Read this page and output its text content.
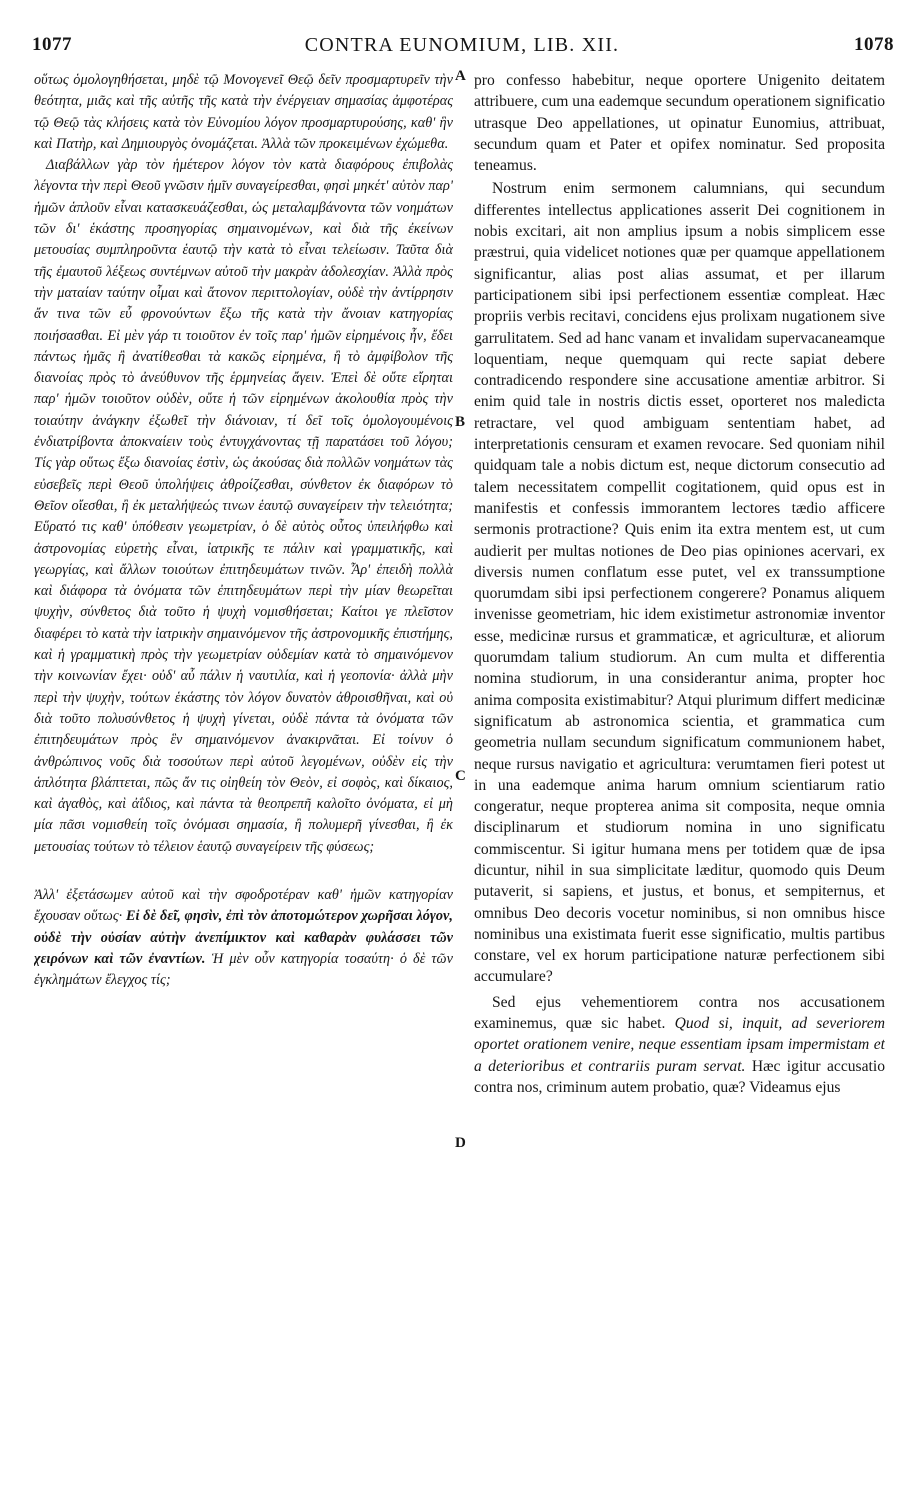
1077	CONTRA EUNOMIUM, LIB. XII.	1078

οὕτως ὁμολογηθήσεται, μηδὲ τῷ Μονογενεῖ Θεῷ δεῖν προσμαρτυρεῖν τὴν θεότητα, μιᾶς καὶ τῆς αὐτῆς τῆς κατὰ τὴν ἐνέργειαν σημασίας ἀμφοτέρας τῷ Θεῷ τὰς κλήσεις κατὰ τὸν Εὐνομίου λόγον προσμαρτυρούσης, καθ' ἣν καὶ Πατὴρ, καὶ Δημιουργὸς ὀνομάζεται. Ἀλλὰ τῶν προκειμένων ἐχώμεθα.

Διαβάλλων γὰρ τὸν ἡμέτερον λόγον τὸν κατὰ διαφόρους ἐπιβολὰς λέγοντα τὴν περὶ Θεοῦ γνῶσιν ἡμῖν συναγείρεσθαι, φησὶ μηκέτ' αὐτὸν παρ' ἡμῶν ἁπλοῦν εἶναι κατασκευάζεσθαι, ὡς μεταλαμβάνοντα τῶν νοημάτων τῶν δι' ἑκάστης προσηγορίας σημαινομένων, καὶ διὰ τῆς ἐκείνων μετουσίας συμπληροῦντα ἑαυτῷ τὴν κατὰ τὸ εἶναι τελείωσιν. Ταῦτα διὰ τῆς ἐμαυτοῦ λέξεως συντέμνων αὐτοῦ τὴν μακρὰν ἀδολεσχίαν. Ἀλλὰ πρὸς τὴν ματαίαν ταύτην οἶμαι καὶ ἄτονον περιττολογίαν, οὐδὲ τὴν ἀντίρρησιν ἄν τινα τῶν εὖ φρονούντων ἔξω τῆς κατὰ τὴν ἄνοιαν κατηγορίας ποιήσασθαι. Εἰ μὲν γάρ τι τοιοῦτον ἐν τοῖς παρ' ἡμῶν εἰρημένοις ἦν, ἔδει πάντως ἡμᾶς ἢ ἀνατίθεσθαι τὰ κακῶς εἰρημένα, ἢ τὸ ἀμφίβολον τῆς διανοίας πρὸς τὸ ἀνεύθυνον τῆς ἑρμηνείας ἄγειν. Ἐπεὶ δὲ οὔτε εἴρηται παρ' ἡμῶν τοιοῦτον οὐδὲν, οὔτε ἡ τῶν εἰρημένων ἀκολουθία πρὸς τὴν τοιαύτην ἀνάγκην ἐξωθεῖ τὴν διάνοιαν, τί δεῖ τοῖς ὁμολογουμένοις ἐνδιατρίβοντα ἀποκναίειν τοὺς ἐντυγχάνοντας τῇ παρατάσει τοῦ λόγου; Τίς γὰρ οὕτως ἔξω διανοίας ἐστὶν, ὡς ἀκούσας διὰ πολλῶν νοημάτων τὰς εὐσεβεῖς περὶ Θεοῦ ὑπολήψεις ἀθροίζεσθαι, σύνθετον ἐκ διαφόρων τὸ Θεῖον οἴεσθαι, ἢ ἐκ μεταλήψεώς τινων ἑαυτῷ συναγείρειν τὴν τελειότητα; Εὕρατό τις καθ' ὑπόθεσιν γεωμετρίαν, ὁ δὲ αὐτὸς οὗτος ὑπειλήφθω καὶ ἀστρονομίας εὑρετὴς εἶναι, ἰατρικῆς τε πάλιν καὶ γραμματικῆς, καὶ γεωργίας, καὶ ἄλλων τοιούτων ἐπιτηδευμάτων τινῶν. Ἆρ' ἐπειδὴ πολλὰ καὶ διάφορα τὰ ὀνόματα τῶν ἐπιτηδευμάτων περὶ τὴν μίαν θεωρεῖται ψυχὴν, σύνθετος διὰ τοῦτο ἡ ψυχὴ νομισθήσεται; Καίτοι γε πλεῖστον διαφέρει τὸ κατὰ τὴν ἰατρικὴν σημαινόμενον τῆς ἀστρονομικῆς ἐπιστήμης, καὶ ἡ γραμματικὴ πρὸς τὴν γεωμετρίαν οὐδεμίαν κατὰ τὸ σημαινόμενον τὴν κοινωνίαν ἔχει· οὐδ' αὖ πάλιν ἡ ναυτιλία, καὶ ἡ γεοπονία· ἀλλὰ μὴν περὶ τὴν ψυχὴν, τούτων ἑκάστης τὸν λόγον δυνατὸν ἀθροισθῆναι, καὶ οὐ διὰ τοῦτο πολυσύνθετος ἡ ψυχὴ γίνεται, οὐδὲ πάντα τὰ ὀνόματα τῶν ἐπιτηδευμάτων πρὸς ἓν σημαινόμενον ἀνακιρνᾶται. Εἰ τοίνυν ὁ ἀνθρώπινος νοῦς διὰ τοσούτων περὶ αὐτοῦ λεγομένων, οὐδὲν εἰς τὴν ἁπλότητα βλάπτεται, πῶς ἄν τις οἰηθείη τὸν Θεὸν, εἰ σοφὸς, καὶ δίκαιος, καὶ ἀγαθὸς, καὶ ἀΐδιος, καὶ πάντα τὰ θεοπρεπῆ καλοῖτο ὀνόματα, εἰ μὴ μία πᾶσι νομισθείη τοῖς ὀνόμασι σημασία, ἢ πολυμερῆ γίνεσθαι, ἢ ἐκ μετουσίας τούτων τὸ τέλειον ἑαυτῷ συναγείρειν τῆς φύσεως;

Ἀλλ' ἐξετάσωμεν αὐτοῦ καὶ τὴν σφοδροτέραν καθ' ἡμῶν κατηγορίαν ἔχουσαν οὕτως· Εἰ δὲ δεῖ, φησὶν, ἐπὶ τὸν ἀποτομώτερον χωρῆσαι λόγον, οὐδὲ τὴν οὐσίαν αὐτὴν ἀνεπίμικτον καὶ καθαρὰν φυλάσσει τῶν χειρόνων καὶ τῶν ἐναντίων. Ἡ μὲν οὖν κατηγορία τοσαύτη· ὁ δὲ τῶν ἐγκλημάτων ἔλεγχος τίς;

A
B
C
D

pro confesso habebitur, neque oportere Unigenito deitatem attribuere, cum una eademque secundum operationem significatio utrasque Deo appellationes, ut opinatur Eunomius, attribuat, secundum quam et Pater et opifex nominatur. Sed proposita teneamus.

Nostrum enim sermonem calumnians, qui secundum differentes intellectus applicationes asserit Dei cognitionem in nobis excitari, ait non amplius ipsum a nobis simplicem esse præstrui, quia videlicet notiones quæ per quamque appellationem significantur, alias post alias assumat, et per illarum participationem sibi ipsi perfectionem essentiæ compleat. Hæc propriis verbis recitavi, concidens ejus prolixam nugationem sive garrulitatem. Sed ad hanc vanam et invalidam supervacaneamque loquentiam, neque quemquam qui recte sapiat debere contradicendo respondere sine accusatione amentiæ arbitror. Si enim quid tale in nostris dictis esset, oporteret nos maledicta retractare, vel quod ambiguam sententiam habet, ad interpretationis censuram et examen revocare. Sed quoniam nihil quidquam tale a nobis dictum est, neque dictorum consecutio ad talem necessitatem compellit cogitationem, quid opus est in manifestis et confessis immorantem lectores tædio afficere sermonis protractione? Quis enim ita extra mentem est, ut cum audierit per multas notiones de Deo pias opiniones acervari, ex diversis numen conflatum esse putet, vel ex transsumptione quorumdam sibi ipsi perfectionem congerere? Ponamus aliquem invenisse geometriam, hic idem existimetur astronomiæ inventor esse, medicinæ rursus et grammaticæ, et agriculturæ, et aliorum quorumdam talium studiorum. An cum multa et differentia nomina studiorum, in una considerantur anima, propter hoc anima composita existimabitur? Atqui plurimum differt medicinæ significatum ab astronomica scientia, et grammatica cum geometria nullam secundum significatum communionem habet, neque rursus navigatio et agricultura: verumtamen fieri potest ut in una eademque anima harum omnium scientiarum ratio congeratur, neque propterea anima sit composita, neque omnia disciplinarum et studiorum nomina in uno significatu commiscentur. Si igitur humana mens per totidem quæ de ipsa dicuntur, nihil in sua simplicitate læditur, quomodo quis Deum putaverit, si sapiens, et justus, et bonus, et sempiternus, et omnibus Deo decoris vocetur nominibus, si non omnibus hisce nominibus una existimata fuerit esse significatio, multis partibus constare, vel ex horum participatione naturæ perfectionem sibi accumulare?

Sed ejus vehementiorem contra nos accusationem examinemus, quæ sic habet. Quod si, inquit, ad severiorem oportet orationem venire, neque essentiam ipsam impermistam et a deterioribus et contrariis puram servat. Hæc igitur accusatio contra nos, criminum autem probatio, quæ? Videamus ejus
